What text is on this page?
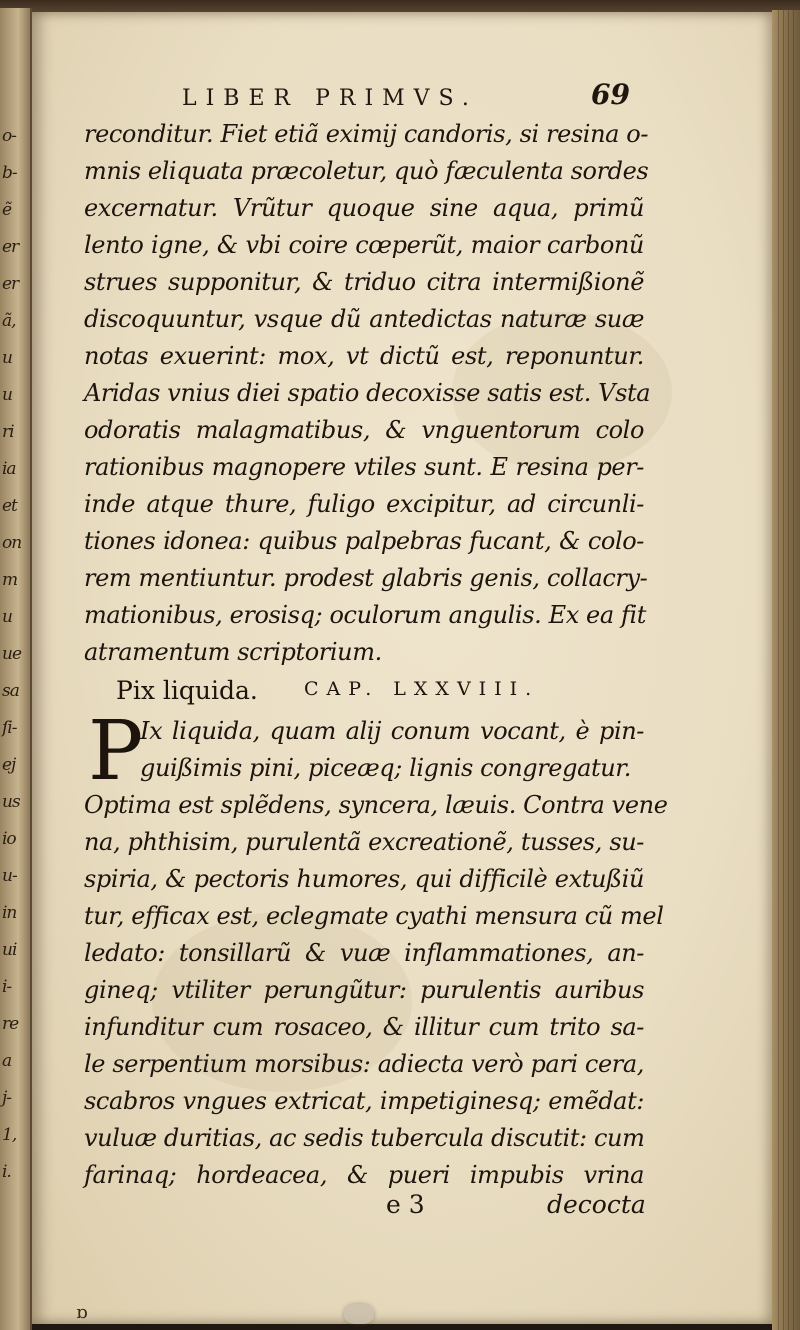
o-
b-
ẽ
er
er
ã,
u
u
ri
ia
et
on
m
u
ue
sa
ſi-
ej
us
io
u-
in
ui
i-
re
a
j-
1,
i.
LIBER PRIMVS.	69
reconditur. Fiet etiã eximij candoris, si resina o-
mnis eliquata præcoletur, quò fæculenta sordes
excernatur. Vrũtur quoque sine aqua, primũ
lento igne, & vbi coire cœperũt, maior carbonũ
strues supponitur, & triduo citra intermißionẽ
discoquuntur, vsque dũ antedictas naturæ suæ
notas exuerint: mox, vt dictũ est, reponuntur.
Aridas vnius diei spatio decoxisse satis est. Vsta
odoratis malagmatibus, & vnguentorum colo
rationibus magnopere vtiles sunt. E resina per-
inde atque thure, fuligo excipitur, ad circunli-
tiones idonea: quibus palpebras fucant, & colo-
rem mentiuntur. prodest glabris genis, collacry-
mationibus, erosisq; oculorum angulis. Ex ea fit
atramentum scriptorium.
Pix liquida. CAP. LXXVIII.
P
Ix liquida, quam alij conum vocant, è pin-
guißimis pini, piceæq; lignis congregatur.
Optima est splẽdens, syncera, læuis. Contra vene
na, phthisim, purulentã excreationẽ, tusses, su-
spiria, & pectoris humores, qui difficilè extußiũ
tur, efficax est, eclegmate cyathi mensura cũ mel
ledato: tonsillarũ & vuæ inflammationes, an-
gineq; vtiliter perungũtur: purulentis auribus
infunditur cum rosaceo, & illitur cum trito sa-
le serpentium morsibus: adiecta verò pari cera,
scabros vngues extricat, impetiginesq; emẽdat:
vuluæ duritias, ac sedis tubercula discutit: cum
farinaq; hordeacea, & pueri impubis vrina
e 3	decocta
ɒ
